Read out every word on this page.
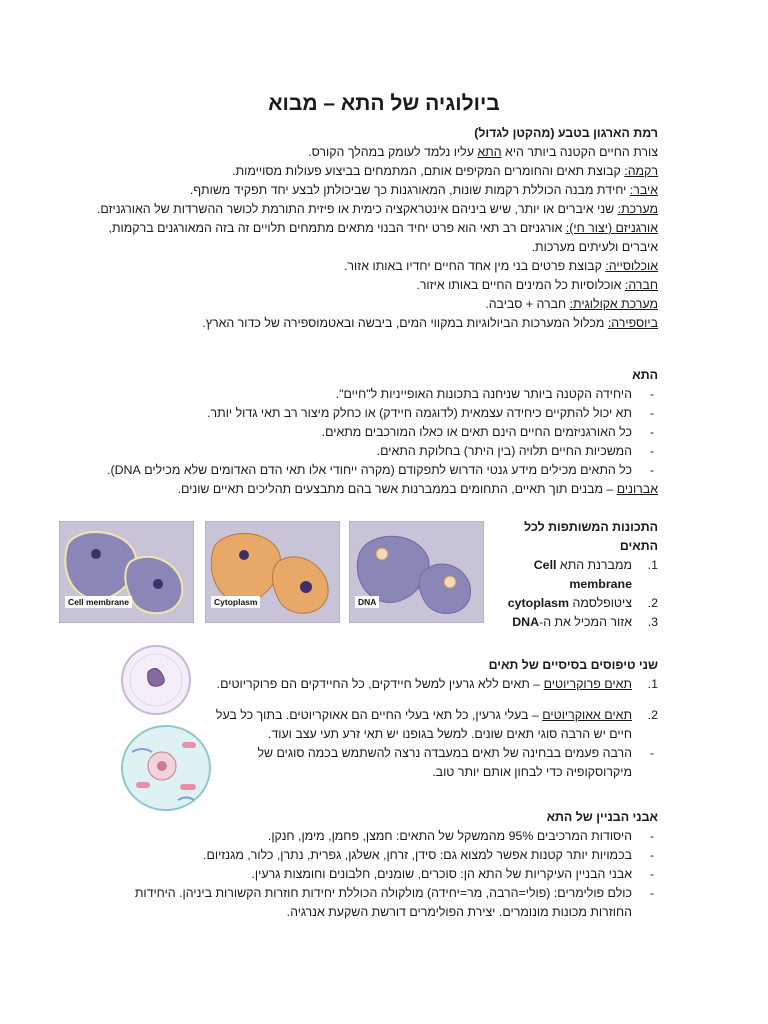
ביולוגיה של התא – מבוא
רמת הארגון בטבע (מהקטן לגדול)
צורת החיים הקטנה ביותר היא התא עליו נלמד לעומק במהלך הקורס.
רקמה: קבוצת תאים והחומרים המקיפים אותם, המתמחים בביצוע פעולות מסויימות.
איבר: יחידת מבנה הכוללת רקמות שונות, המאורגנות כך שביכולתן לבצע יחד תפקיד משותף.
מערכת: שני איברים או יותר, שיש ביניהם אינטראקציה כימית או פיזית התורמת לכושר ההשרדות של האורגניזם.
אורגניזם (יצור חי): אורגניזם רב תאי הוא פרט יחיד הבנוי מתאים מתמחים תלויים זה בזה המאורגנים ברקמות, איברים ולעיתים מערכות.
אוכלוסייה: קבוצת פרטים בני מין אחד החיים יחדיו באותו אזור.
חברה: אוכלוסיות כל המינים החיים באותו איזור.
מערכת אקולוגית: חברה + סביבה.
ביוספירה: מכלול המערכות הביולוגיות במקווי המים, ביבשה ובאטמוספירה של כדור הארץ.
התא
- היחידה הקטנה ביותר שניחנה בתכונות האופייניות ל"חיים".
- תא יכול להתקיים כיחידה עצמאית (לדוגמה חיידק) או כחלק מיצור רב תאי גדול יותר.
- כל האורגניזמים החיים הינם תאים או כאלו המורכבים מתאים.
- המשכיות החיים תלויה (בין היתר) בחלוקת התאים.
- כל התאים מכילים מידע גנטי הדרוש לתפקודם (מקרה ייחודי אלו תאי הדם האדומים שלא מכילים DNA).
אברונים – מבנים תוך תאיים, התחומים בממברנות אשר בהם מתבצעים תהליכים תאיים שונים.
התכונות המשותפות לכל התאים
1.
ממברנת התא Cell membrane
2.
ציטופלסמה cytoplasm
3.
אזור המכיל את ה-DNA
DNA
Cytoplasm
Cell membrane
שני טיפוסים בסיסיים של תאים
1.
תאים פרוקריוטים – תאים ללא גרעין למשל חיידקים, כל החיידקים הם פרוקריוטים.
2.
תאים אאוקריוטים – בעלי גרעין, כל תאי בעלי החיים הם אאוקריוטים. בתוך כל בעל חיים יש הרבה סוגי תאים שונים. למשל בגופנו יש תאי זרע תעי עצב ועוד.
- הרבה פעמים בבחינה של תאים במעבדה נרצה להשתמש בכמה סוגים של מיקרוסקופיה כדי לבחון אותם יותר טוב.
אבני הבניין של התא
- היסודות המרכיבים 95% מהמשקל של התאים: חמצן, פחמן, מימן, חנקן.
- בכמויות יותר קטנות אפשר למצוא גם: סידן, זרחן, אשלגן, גפרית, נתרן, כלור, מגנזיום.
- אבני הבניין העיקריות של התא הן: סוכרים, שומנים, חלבונים וחומצות גרעין.
- כולם פולימרים: (פולי=הרבה, מר=יחידה) מולקולה הכוללת יחידות חוזרות הקשורות ביניהן. היחידות החוזרות מכונות מונומרים. יצירת הפולימרים דורשת השקעת אנרגיה.
